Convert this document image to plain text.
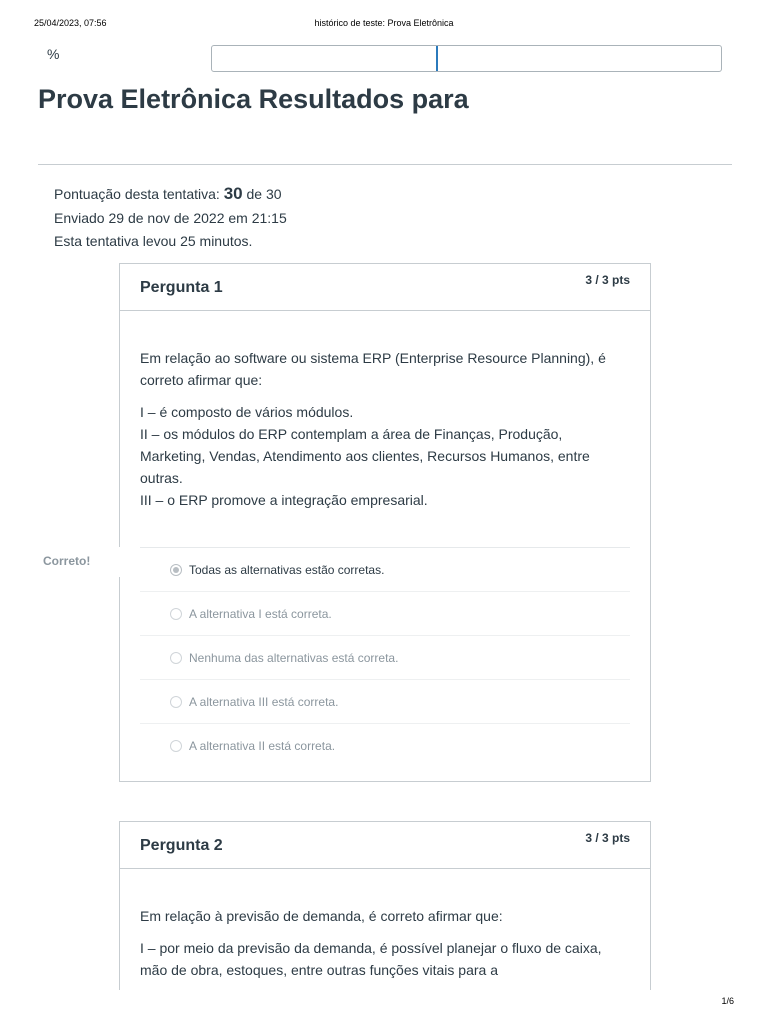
25/04/2023, 07:56	histórico de teste: Prova Eletrônica
%
Prova Eletrônica Resultados para
Pontuação desta tentativa: 30 de 30
Enviado 29 de nov de 2022 em 21:15
Esta tentativa levou 25 minutos.
Pergunta 1	3 / 3 pts

Em relação ao software ou sistema ERP (Enterprise Resource Planning), é correto afirmar que:

I – é composto de vários módulos.
II – os módulos do ERP contemplam a área de Finanças, Produção, Marketing, Vendas, Atendimento aos clientes, Recursos Humanos, entre outras.
III – o ERP promove a integração empresarial.
Todas as alternativas estão corretas.
A alternativa I está correta.
Nenhuma das alternativas está correta.
A alternativa III está correta.
A alternativa II está correta.
Correto!
Pergunta 2	3 / 3 pts

Em relação à previsão de demanda, é correto afirmar que:

I – por meio da previsão da demanda, é possível planejar o fluxo de caixa, mão de obra, estoques, entre outras funções vitais para a
1/6
